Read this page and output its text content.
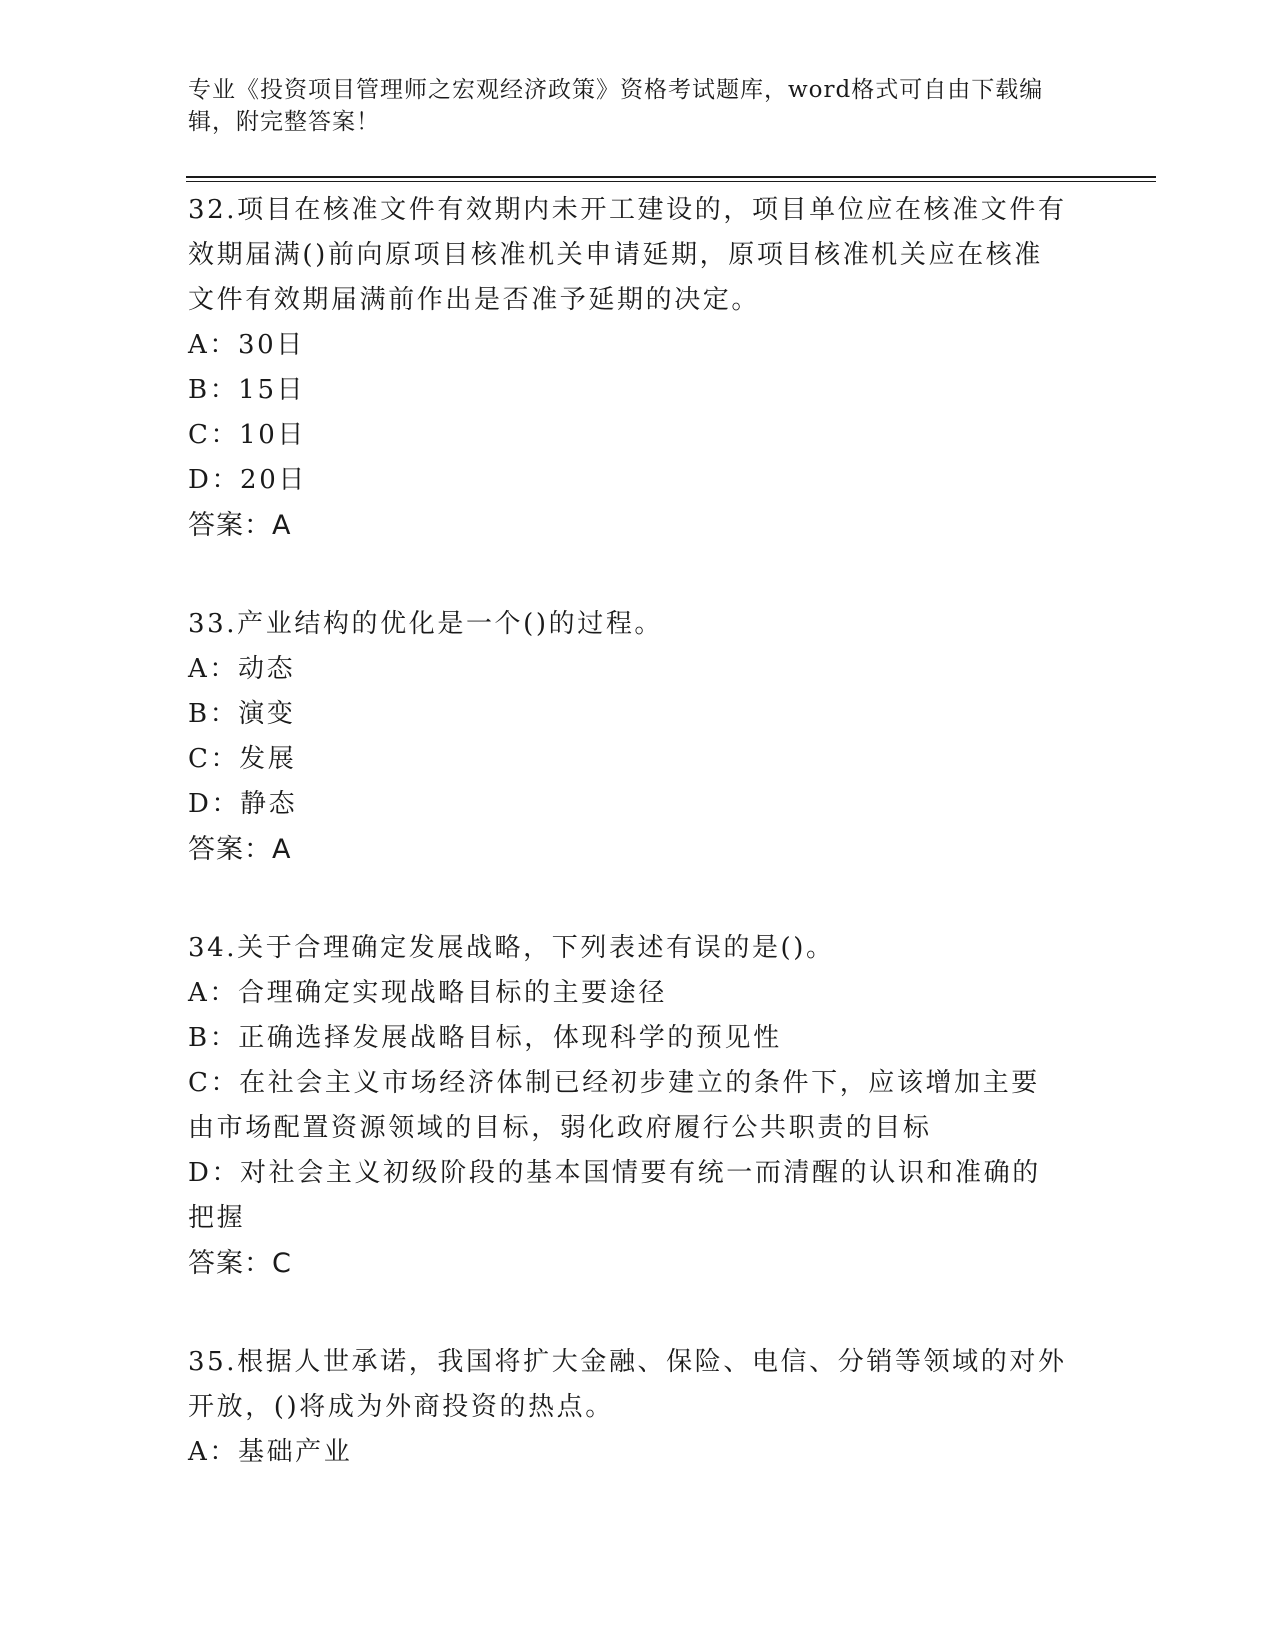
专业《投资项目管理师之宏观经济政策》资格考试题库，word格式可自由下载编辑，附完整答案！
32.项目在核准文件有效期内未开工建设的，项目单位应在核准文件有效期届满()前向原项目核准机关申请延期，原项目核准机关应在核准文件有效期届满前作出是否准予延期的决定。
A：30日
B：15日
C：10日
D：20日
答案：A
33.产业结构的优化是一个()的过程。
A：动态
B：演变
C：发展
D：静态
答案：A
34.关于合理确定发展战略，下列表述有误的是()。
A：合理确定实现战略目标的主要途径
B：正确选择发展战略目标，体现科学的预见性
C：在社会主义市场经济体制已经初步建立的条件下，应该增加主要由市场配置资源领域的目标，弱化政府履行公共职责的目标
D：对社会主义初级阶段的基本国情要有统一而清醒的认识和准确的把握
答案：C
35.根据人世承诺，我国将扩大金融、保险、电信、分销等领域的对外开放，()将成为外商投资的热点。
A：基础产业
